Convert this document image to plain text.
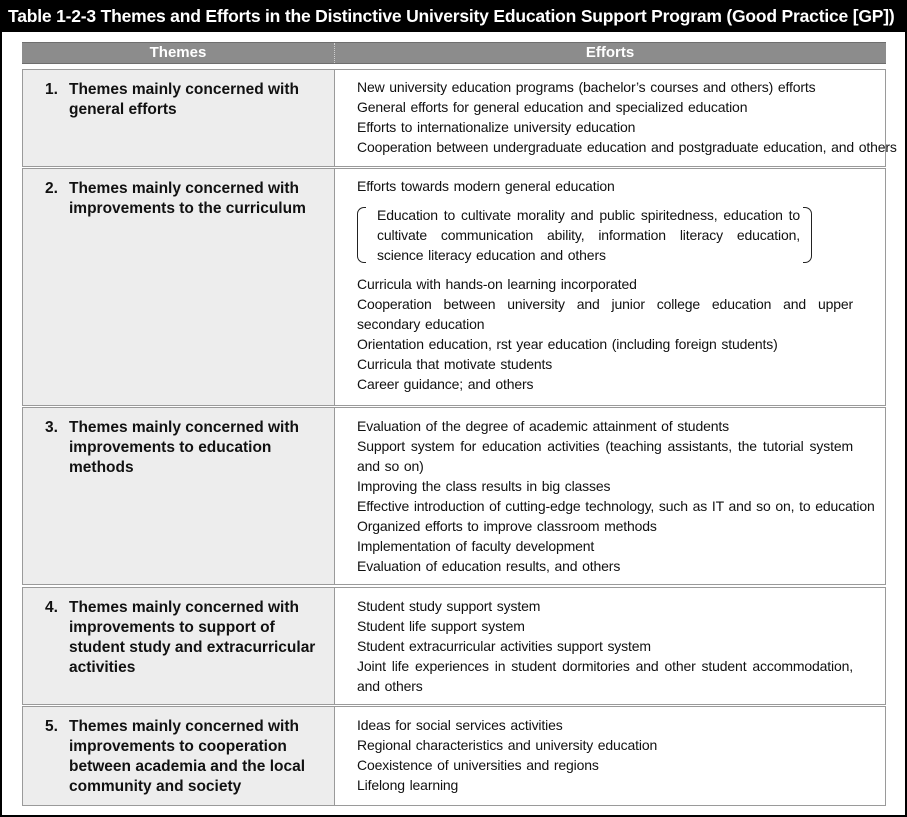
Table 1-2-3 Themes and Efforts in the Distinctive University Education Support Program (Good Practice [GP])
Themes	Efforts
1. Themes mainly concerned with general efforts
New university education programs (bachelor’s courses and others) efforts
General efforts for general education and specialized education
Efforts to internationalize university education
Cooperation between undergraduate education and postgraduate education, and others
2. Themes mainly concerned with improvements to the curriculum
Efforts towards modern general education
Education to cultivate morality and public spiritedness, education to cultivate communication ability, information literacy education, science literacy education and others
Curricula with hands-on learning incorporated
Cooperation between university and junior college education and upper secondary education
Orientation education, rst year education (including foreign students)
Curricula that motivate students
Career guidance; and others
3. Themes mainly concerned with improvements to education methods
Evaluation of the degree of academic attainment of students
Support system for education activities (teaching assistants, the tutorial system and so on)
Improving the class results in big classes
Effective introduction of cutting-edge technology, such as IT and so on, to education
Organized efforts to improve classroom methods
Implementation of faculty development
Evaluation of education results, and others
4. Themes mainly concerned with improvements to support of student study and extracurricular activities
Student study support system
Student life support system
Student extracurricular activities support system
Joint life experiences in student dormitories and other student accommodation, and others
5. Themes mainly concerned with improvements to cooperation between academia and the local community and society
Ideas for social services activities
Regional characteristics and university education
Coexistence of universities and regions
Lifelong learning
